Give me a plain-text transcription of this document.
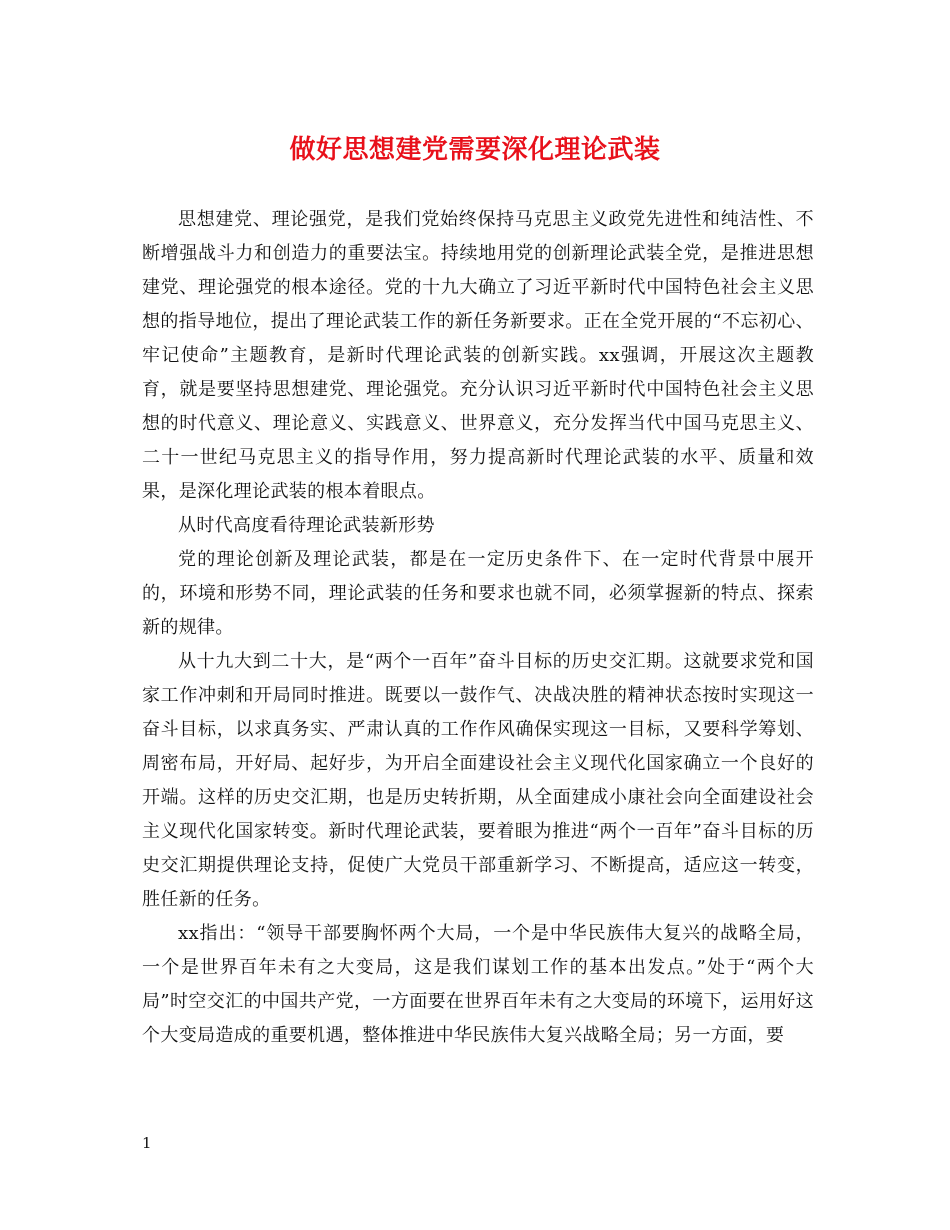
做好思想建党需要深化理论武装

思想建党、理论强党，是我们党始终保持马克思主义政党先进性和纯洁性、不断增强战斗力和创造力的重要法宝。持续地用党的创新理论武装全党，是推进思想建党、理论强党的根本途径。党的十九大确立了习近平新时代中国特色社会主义思想的指导地位，提出了理论武装工作的新任务新要求。正在全党开展的“不忘初心、牢记使命”主题教育，是新时代理论武装的创新实践。xx强调，开展这次主题教育，就是要坚持思想建党、理论强党。充分认识习近平新时代中国特色社会主义思想的时代意义、理论意义、实践意义、世界意义，充分发挥当代中国马克思主义、二十一世纪马克思主义的指导作用，努力提高新时代理论武装的水平、质量和效果，是深化理论武装的根本着眼点。

从时代高度看待理论武装新形势

党的理论创新及理论武装，都是在一定历史条件下、在一定时代背景中展开的，环境和形势不同，理论武装的任务和要求也就不同，必须掌握新的特点、探索新的规律。

从十九大到二十大，是“两个一百年”奋斗目标的历史交汇期。这就要求党和国家工作冲刺和开局同时推进。既要以一鼓作气、决战决胜的精神状态按时实现这一奋斗目标，以求真务实、严肃认真的工作作风确保实现这一目标，又要科学筹划、周密布局，开好局、起好步，为开启全面建设社会主义现代化国家确立一个良好的开端。这样的历史交汇期，也是历史转折期，从全面建成小康社会向全面建设社会主义现代化国家转变。新时代理论武装，要着眼为推进“两个一百年”奋斗目标的历史交汇期提供理论支持，促使广大党员干部重新学习、不断提高，适应这一转变，胜任新的任务。

xx指出：“领导干部要胸怀两个大局，一个是中华民族伟大复兴的战略全局，一个是世界百年未有之大变局，这是我们谋划工作的基本出发点。”处于“两个大局”时空交汇的中国共产党，一方面要在世界百年未有之大变局的环境下，运用好这个大变局造成的重要机遇，整体推进中华民族伟大复兴战略全局；另一方面，要

1
